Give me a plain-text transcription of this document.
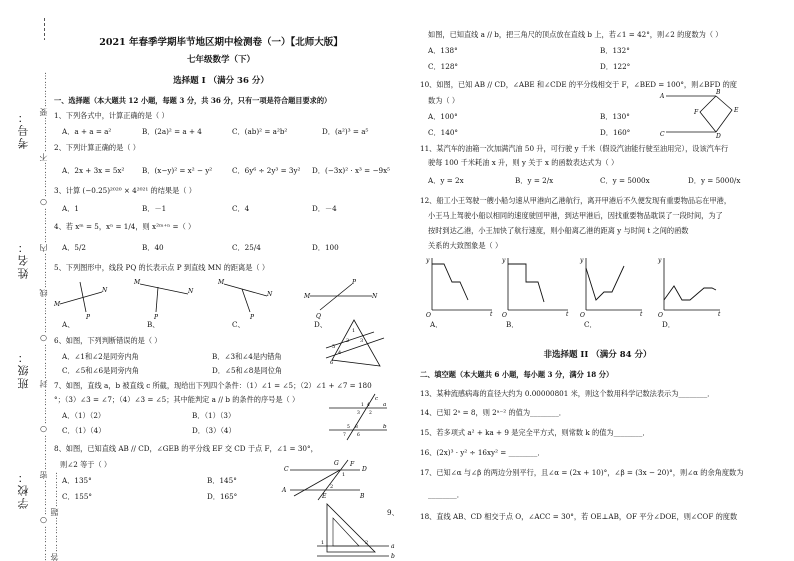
…………○…………密…………○…………封…………○…………线…………内…………○…………不…………要…………答…………题…………
考号：
姓名：
班级：
学校：
2021 年春季学期毕节地区期中检测卷（一）【北师大版】
七年级数学（下）
选择题 I （满分 36 分）
一、选择题（本大题共 12 小题，每题 3 分，共 36 分，只有一项是符合题目要求的）
1、下列各式中，计算正确的是（ ）
A．a + a = a²	B．(2a)² = a + 4	C．(ab)² = a²b²	D．(a²)³ = a⁵
2、下列计算正确的是（ ）
A．2x + 3x = 5x² B．(x−y)² = x² − y²	C．6y⁶ ÷ 2y³ = 3y² D．(−3x)² · x³ = −9x⁵
3、计算 (−0.25)²⁰²⁰ × 4²⁰²¹ 的结果是（ ）
A．1	B．－1	C．4	D．－4
4、若 xᵐ = 5，xⁿ = 1/4，则 x²ᵐ⁺ⁿ =（ ）
A．5/2	B．40	C．25/4	D．100
5、下列图形中，线段 PQ 的长表示点 P 到直线 MN 的距离是（ ）
M
N
P
M
N
P
M
N
P
M	N
P
Q
A、	B、	C、	D、
6、如图，下列判断错误的是（ ）
A．∠1和∠2是同旁内角	B．∠3和∠4是内错角
C．∠5和∠6是同旁内角	D．∠5和∠8是同位角
1
2 3
4
5
6
7、如图，直线 a，b 被直线 c 所截，现给出下列四个条件：（1）∠1 = ∠5；（2）∠1 + ∠7 = 180
°；（3）∠3 = ∠7；（4）∠3 = ∠5；其中能判定 a // b 的条件的序号是（ ）
A．（1）（2）	B．（1）（3）
C．（1）（4）	D．（3）（4）
a
b
c
1
2
3
4
5
6
7
8
8、如图，已知直线 AB // CD，∠GEB 的平分线 EF 交 CD 于点 F，∠1 = 30°，
则∠2 等于（ ）
A．135°	B．145°
C．155°	D．165°
G
C
F
D
A
E	B
1
2
a
b
1	2
9、
如图，已知直线 a // b，把三角尺的顶点放在直线 b 上，若∠1 = 42°，则∠2 的度数为（ ）
A．138°	B．132°
C．128°	D．122°
10、如图，已知 AB // CD，∠ABE 和∠CDE 的平分线相交于 F，∠BED = 100°，则∠BFD 的度
数为（ ）
A．100°	B．130°
C．140°	D．160°
A
B
C	D
E
F
11、某汽车的油箱一次加满汽油 50 升，可行驶 y 千米（假设汽油能行驶至油用完），设该汽车行
驶每 100 千米耗油 x 升，则 y 关于 x 的函数表达式为（ ）
A．y = 2x	B．y = 2/x	C．y = 5000x	D．y = 5000/x
12、船工小王驾驶一艘小船匀速从甲港向乙港航行，离开甲港后不久便发现有重要物品忘在甲港，
小王马上驾驶小船以相同的速度驶回甲港，到达甲港后，因找重要物品耽误了一段时间，为了
按时到达乙港，小王加快了航行速度，则小船离乙港的距离 y 与时间 t 之间的函数
关系的大致图象是（ ）
y
t
O
y
t
O
y
t
O
y
t
O
A．	B．	C．	D．
非选择题 II （满分 84 分）
二、填空题（本大题共 6 小题，每小题 3 分，满分 18 分）
13、某种流感病毒的直径大约为 0.00000801 米，则这个数用科学记数法表示为________．
14、已知 2ᵃ = 8，则 2ᵃ⁻² 的值为________．
15、若多项式 a² + ka + 9 是完全平方式，则常数 k 的值为________．
16、(2x)³ · y² ÷ 16xy² = ________．
17、已知∠α 与∠β 的两边分别平行，且∠α = (2x + 10)°，∠β = (3x − 20)°，则∠α 的余角度数为
________．
18、直线 AB、CD 相交于点 O，∠ACC = 30°，若 OE⊥AB，OF 平分∠DOE，则∠COF 的度数
